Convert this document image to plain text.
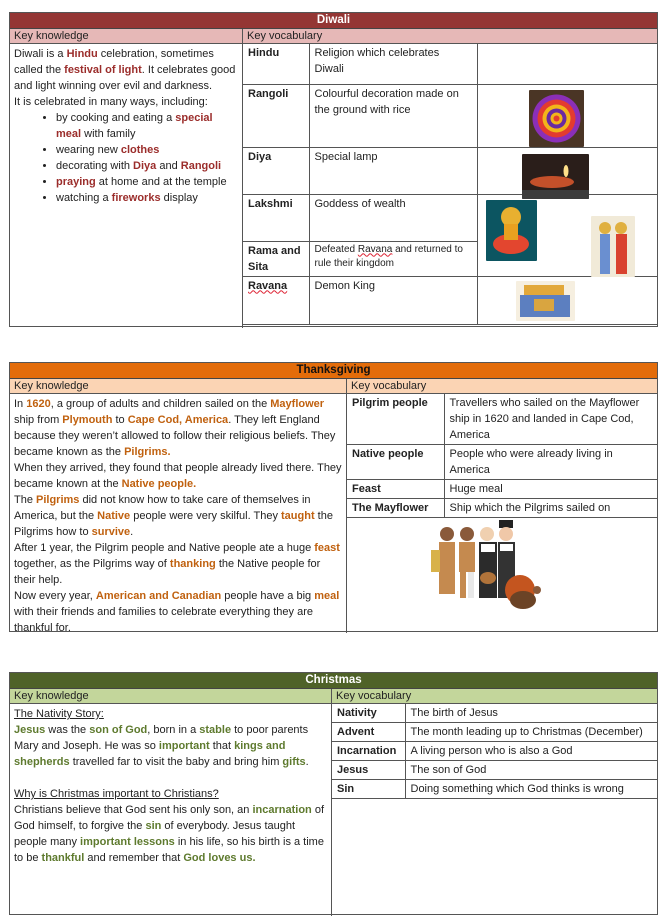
Diwali
Key knowledge	Key vocabulary
Diwali is a Hindu celebration, sometimes called the festival of light. It celebrates good and light winning over evil and darkness.
It is celebrated in many ways, including:
• by cooking and eating a special meal with family
• wearing new clothes
• decorating with Diya and Rangoli
• praying at home and at the temple
• watching a fireworks display
Hindu	Religion which celebrates Diwali	
Rangoli	Colourful decoration made on the ground with rice	
Diya	Special lamp	
Lakshmi	Goddess of wealth	
Rama and Sita	Defeated Ravana and returned to rule their kingdom	
Ravana	Demon King	
Thanksgiving
Key knowledge	Key vocabulary
In 1620, a group of adults and children sailed on the Mayflower ship from Plymouth to Cape Cod, America. They left England because they weren’t allowed to follow their religious beliefs. They became known as the Pilgrims.
When they arrived, they found that people already lived there. They became known at the Native people.
The Pilgrims did not know how to take care of themselves in America, but the Native people were very skilful. They taught the Pilgrims how to survive.
After 1 year, the Pilgrim people and Native people ate a huge feast together, as the Pilgrims way of thanking the Native people for their help.
Now every year, American and Canadian people have a big meal with their friends and families to celebrate everything they are thankful for.
Pilgrim people	Travellers who sailed on the Mayflower ship in 1620 and landed in Cape Cod, America
Native people	People who were already living in America
Feast	Huge meal
The Mayflower	Ship which the Pilgrims sailed on
Christmas
Key knowledge	Key vocabulary
The Nativity Story:
Jesus was the son of God, born in a stable to poor parents Mary and Joseph. He was so important that kings and shepherds travelled far to visit the baby and bring him gifts.
Why is Christmas important to Christians?
Christians believe that God sent his only son, an incarnation of God himself, to forgive the sin of everybody. Jesus taught people many important lessons in his life, so his birth is a time to be thankful and remember that God loves us.
Nativity	The birth of Jesus
Advent	The month leading up to Christmas (December)
Incarnation	A living person who is also a God
Jesus	The son of God
Sin	Doing something which God thinks is wrong
